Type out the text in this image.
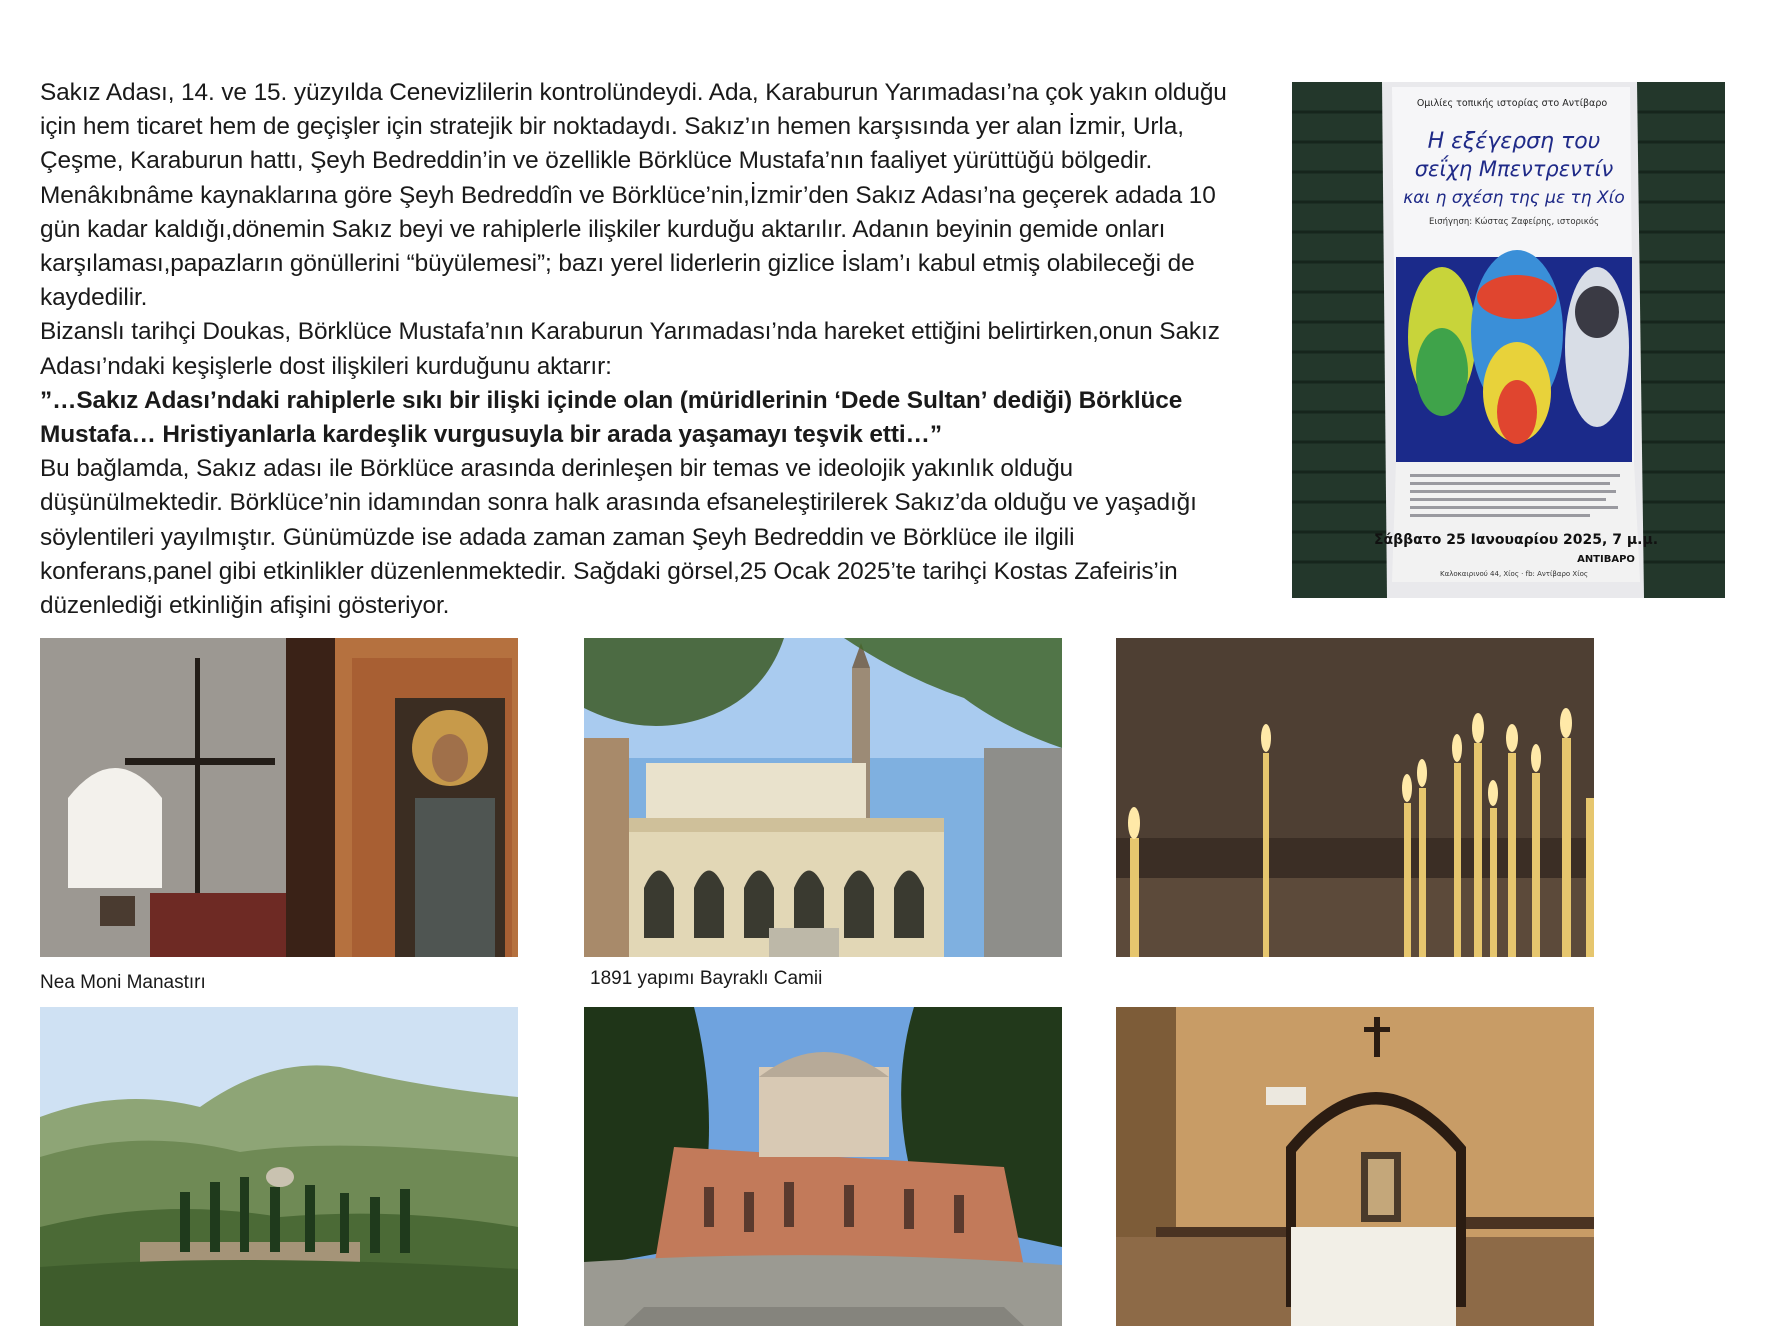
Sakız Adası, 14. ve 15. yüzyılda Cenevizlilerin kontrolündeydi. Ada, Karaburun Yarımadası’na çok yakın olduğu için hem ticaret hem de geçişler için stratejik bir noktadaydı. Sakız’ın hemen karşısında yer alan İzmir, Urla, Çeşme, Karaburun hattı, Şeyh Bedreddin’in ve özellikle Börklüce Mustafa’nın faaliyet yürüttüğü bölgedir. Menâkıbnâme kaynaklarına göre Şeyh Bedreddîn ve Börklüce’nin,İzmir’den Sakız Adası’na geçerek adada 10 gün kadar kaldığı,dönemin Sakız beyi ve rahiplerle ilişkiler kurduğu aktarılır. Adanın beyinin gemide onları karşılaması,papazların gönüllerini “büyülemesi”; bazı yerel liderlerin gizlice İslam’ı kabul etmiş olabileceği de kaydedilir.

Bizanslı tarihçi Doukas, Börklüce Mustafa’nın Karaburun Yarımadası’nda hareket ettiğini belirtirken,onun Sakız Adası’ndaki keşişlerle dost ilişkileri kurduğunu aktarır:

”…Sakız Adası’ndaki rahiplerle sıkı bir ilişki içinde olan (müridlerinin ‘Dede Sultan’ dediği) Börklüce Mustafa… Hristiyanlarla kardeşlik vurgusuyla bir arada yaşamayı teşvik etti…”

Bu bağlamda, Sakız adası ile Börklüce arasında derinleşen bir temas ve ideolojik yakınlık olduğu düşünülmektedir. Börklüce’nin idamından sonra halk arasında efsaneleştirilerek Sakız’da olduğu ve yaşadığı söylentileri yayılmıştır. Günümüzde ise adada zaman zaman Şeyh Bedreddin ve Börklüce ile ilgili konferans,panel gibi etkinlikler düzenlenmektedir. Sağdaki görsel,25 Ocak 2025’te tarihçi Kostas Zafeiris’in düzenlediği etkinliğin afişini gösteriyor.

Ομιλίες τοπικής ιστορίας στο Αντίβαρο
Η εξέγερση του
σεΐχη Μπεντρεντίν
και η σχέση της με τη Χίο
Εισήγηση: Κώστας Ζαφείρης, ιστορικός
Σάββατο 25 Ιανουαρίου 2025, 7 μ.μ.
ΑΝΤΙΒΑΡΟ
Καλοκαιρινού 44, Χίος · fb: Αντίβαρο Χίος
Nea Moni Manastırı	1891 yapımı Bayraklı Camii
